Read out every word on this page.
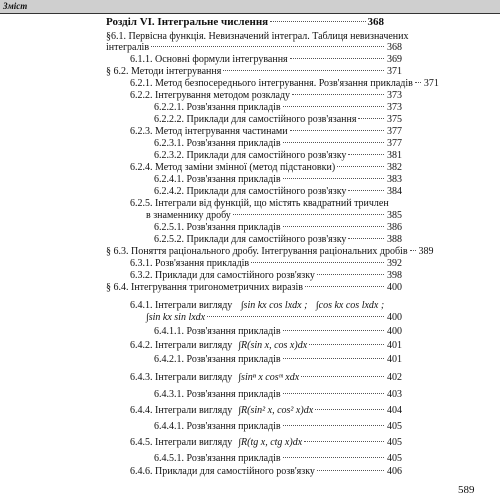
Зміст
Розділ VI. Інтегральне числення	368
§6.1. Первісна функція. Невизначений інтеграл. Таблиця невизначених
інтегралів	368
6.1.1. Основні формули інтегрування	369
§ 6.2. Методи інтегрування	371
6.2.1. Метод безпосереднього інтегрування. Розв'язання прикладів 371
6.2.2. Інтегрування методом розкладу	373
6.2.2.1. Розв'язання прикладів	373
6.2.2.2. Приклади для самостійного розв'язання	375
6.2.3. Метод інтегрування частинами	377
6.2.3.1. Розв'язання прикладів	377
6.2.3.2. Приклади для самостійного розв'язку	381
6.2.4. Метод заміни змінної (метод підстановки)	382
6.2.4.1. Розв'язання прикладів	383
6.2.4.2. Приклади для самостійного розв'язку	384
6.2.5. Інтеграли від функцій, що містять квадратний тричлен
в знаменнику дробу	385
6.2.5.1. Розв'язання прикладів	386
6.2.5.2. Приклади для самостійного розв'язку	388
§ 6.3. Поняття раціонального дробу. Інтегрування раціональних дробів 389
6.3.1. Розв'язання прикладів	392
6.3.2. Приклади для самостійного розв'язку	398
§ 6.4. Інтегрування тригонометричних виразів	400
6.4.1. Інтеграли вигляду ∫sin kx cos lxdx ; ∫cos kx cos lxdx ;
∫sin kx sin lxdx	400
6.4.1.1. Розв'язання прикладів	400
6.4.2. Інтеграли вигляду ∫R(sin x, cos x)dx	401
6.4.2.1. Розв'язання прикладів	401
6.4.3. Інтеграли вигляду ∫sinⁿ x cosᵐ xdx	402
6.4.3.1. Розв'язання прикладів	403
6.4.4. Інтеграли вигляду ∫R(sin² x, cos² x)dx	404
6.4.4.1. Розв'язання прикладів	405
6.4.5. Інтеграли вигляду ∫R(tg x, ctg x)dx	405
6.4.5.1. Розв'язання прикладів	405
6.4.6. Приклади для самостійного розв'язку	406
589
